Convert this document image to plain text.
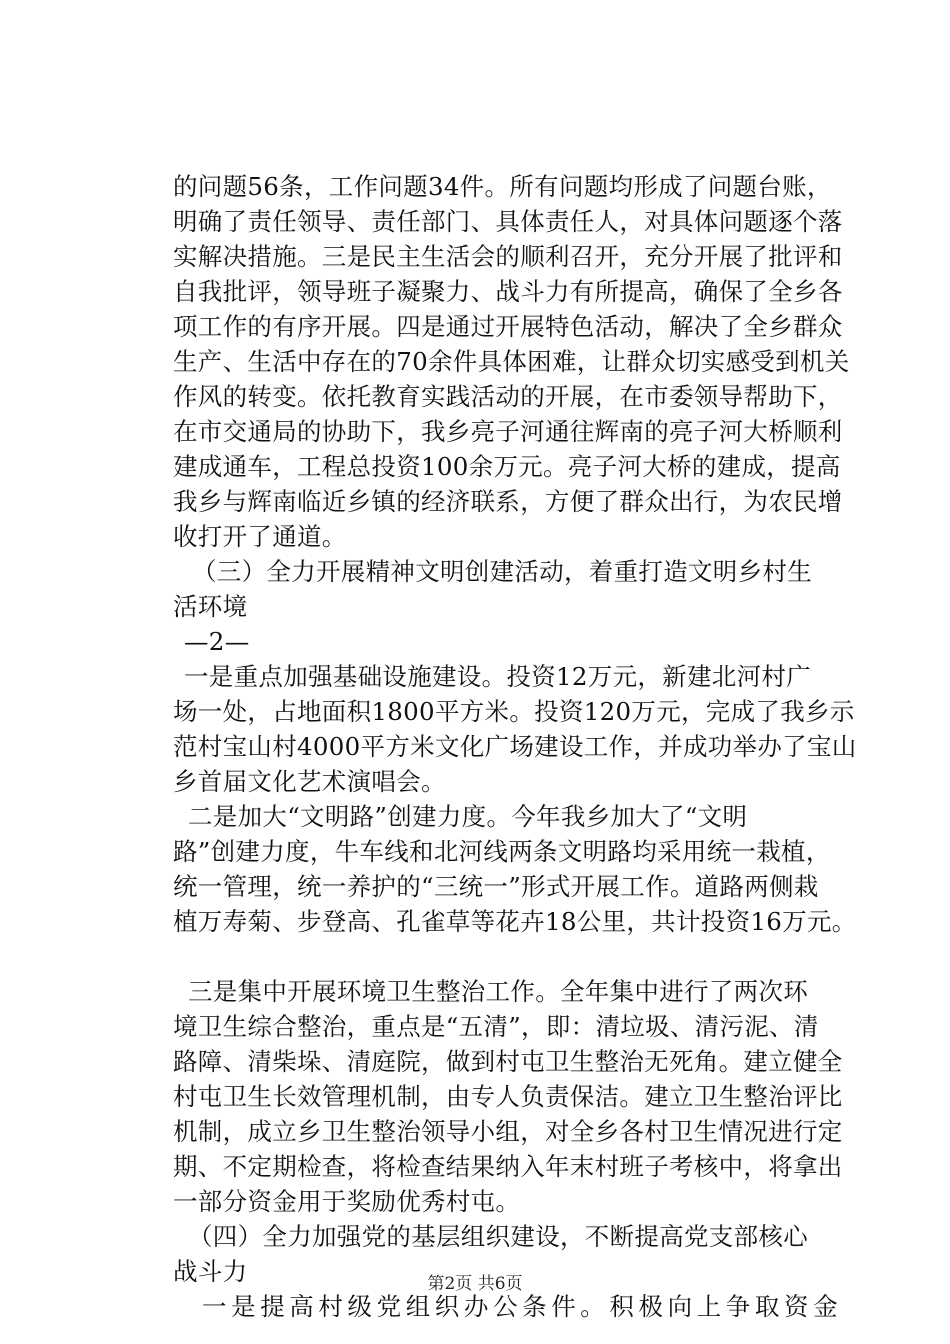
的问题56条，工作问题34件。所有问题均形成了问题台账，
明确了责任领导、责任部门、具体责任人，对具体问题逐个落
实解决措施。三是民主生活会的顺利召开，充分开展了批评和
自我批评，领导班子凝聚力、战斗力有所提高，确保了全乡各
项工作的有序开展。四是通过开展特色活动，解决了全乡群众
生产、生活中存在的70余件具体困难，让群众切实感受到机关
作风的转变。依托教育实践活动的开展，在市委领导帮助下，
在市交通局的协助下，我乡亮子河通往辉南的亮子河大桥顺利
建成通车，工程总投资100余万元。亮子河大桥的建成，提高
我乡与辉南临近乡镇的经济联系，方便了群众出行，为农民增
收打开了通道。
（三）全力开展精神文明创建活动，着重打造文明乡村生
活环境
—2—
一是重点加强基础设施建设。投资12万元，新建北河村广
场一处，占地面积1800平方米。投资120万元，完成了我乡示
范村宝山村4000平方米文化广场建设工作，并成功举办了宝山
乡首届文化艺术演唱会。
二是加大“文明路”创建力度。今年我乡加大了“文明
路”创建力度，牛车线和北河线两条文明路均采用统一栽植，
统一管理，统一养护的“三统一”形式开展工作。道路两侧栽
植万寿菊、步登高、孔雀草等花卉18公里，共计投资16万元。
三是集中开展环境卫生整治工作。全年集中进行了两次环
境卫生综合整治，重点是“五清”，即：清垃圾、清污泥、清
路障、清柴垛、清庭院，做到村屯卫生整治无死角。建立健全
村屯卫生长效管理机制，由专人负责保洁。建立卫生整治评比
机制，成立乡卫生整治领导小组，对全乡各村卫生情况进行定
期、不定期检查，将检查结果纳入年末村班子考核中，将拿出
一部分资金用于奖励优秀村屯。
（四）全力加强党的基层组织建设，不断提高党支部核心
战斗力
一是提高村级党组织办公条件。积极向上争取资金
第2页 共6页
